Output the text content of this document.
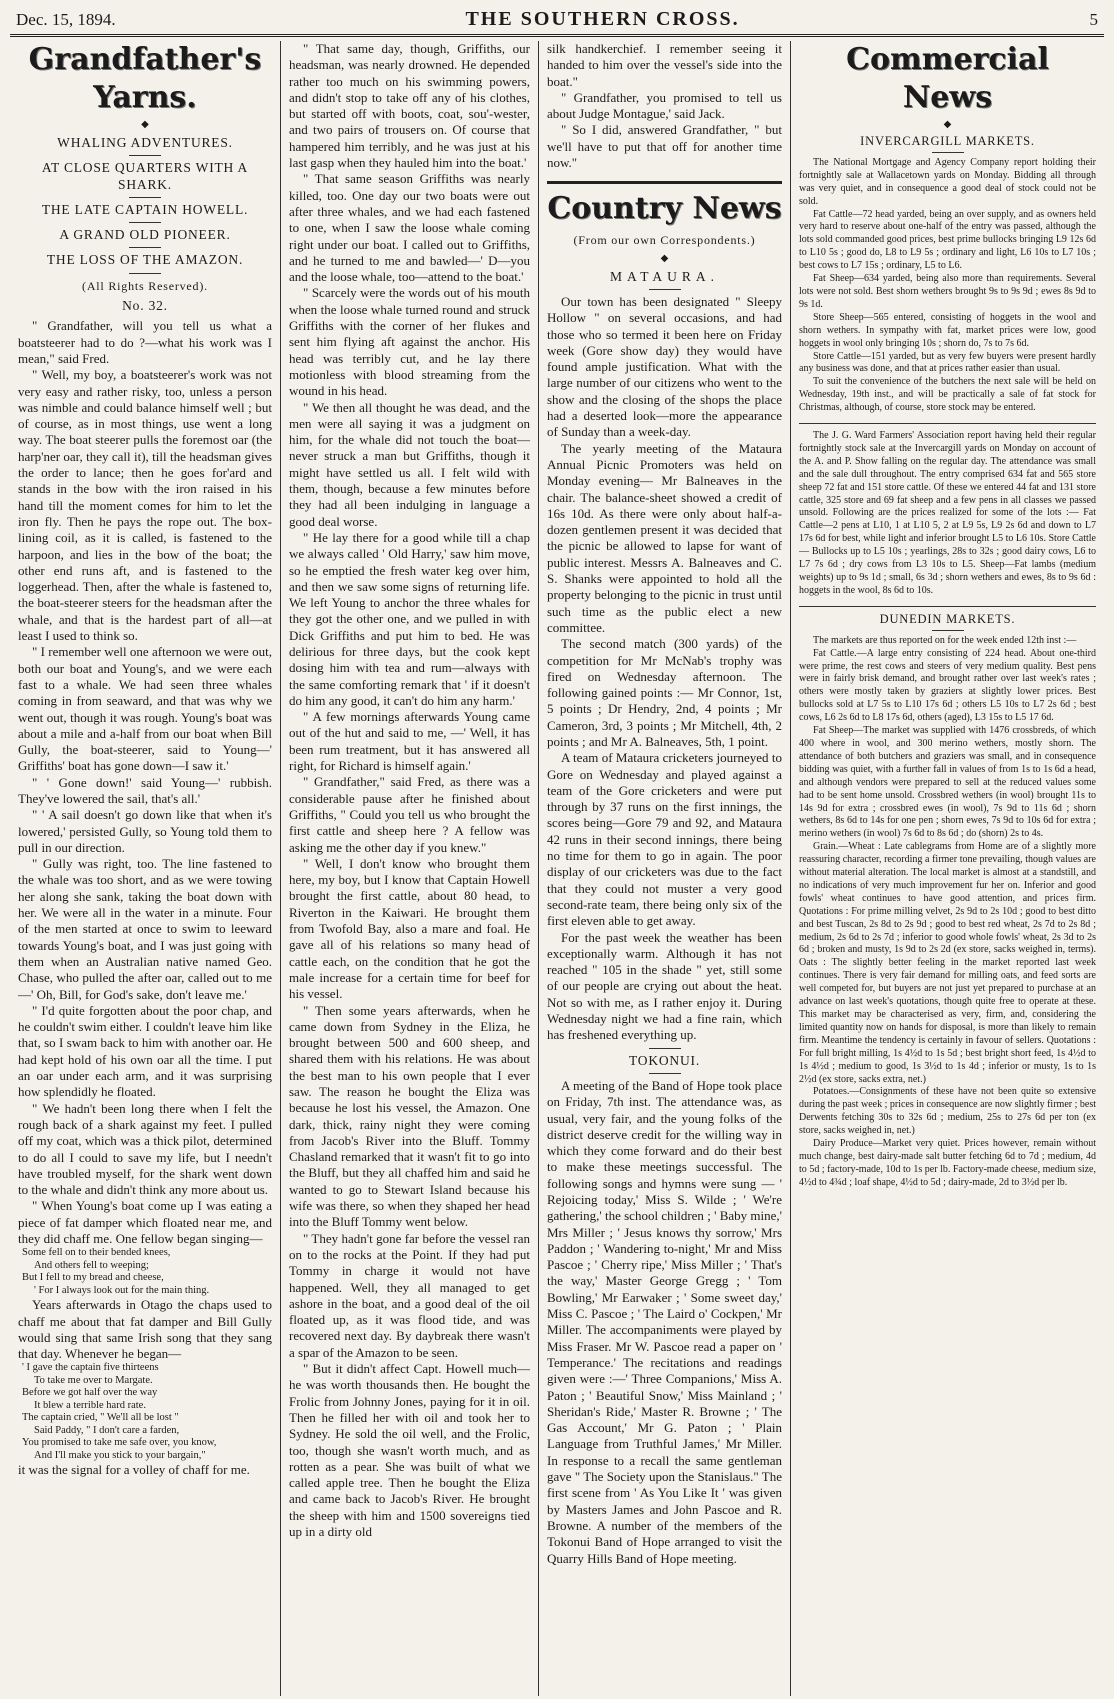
Dec. 15, 1894.	THE SOUTHERN CROSS.	5
Grandfather's Yarns.
◆
WHALING ADVENTURES.
AT CLOSE QUARTERS WITH A SHARK.
THE LATE CAPTAIN HOWELL.
A GRAND OLD PIONEER.
THE LOSS OF THE AMAZON.
(All Rights Reserved).
No. 32.

" Grandfather, will you tell us what a boatsteerer had to do ?—what his work was I mean," said Fred.

" Well, my boy, a boatsteerer's work was not very easy and rather risky, too, unless a person was nimble and could balance himself well ; but of course, as in most things, use went a long way. The boat steerer pulls the foremost oar (the harp'ner oar, they call it), till the headsman gives the order to lance; then he goes for'ard and stands in the bow with the iron raised in his hand till the moment comes for him to let the iron fly. Then he pays the rope out. The box-lining coil, as it is called, is fastened to the harpoon, and lies in the bow of the boat; the other end runs aft, and is fastened to the loggerhead. Then, after the whale is fastened to, the boat-steerer steers for the headsman after the whale, and that is the hardest part of all—at least I used to think so.

" I remember well one afternoon we were out, both our boat and Young's, and we were each fast to a whale. We had seen three whales coming in from seaward, and that was why we went out, though it was rough. Young's boat was about a mile and a-half from our boat when Bill Gully, the boat-steerer, said to Young—' Griffiths' boat has gone down—I saw it.'

" ' Gone down!' said Young—' rubbish. They've lowered the sail, that's all.'

" ' A sail doesn't go down like that when it's lowered,' persisted Gully, so Young told them to pull in our direction.

" Gully was right, too. The line fastened to the whale was too short, and as we were towing her along she sank, taking the boat down with her. We were all in the water in a minute. Four of the men started at once to swim to leeward towards Young's boat, and I was just going with them when an Australian native named Geo. Chase, who pulled the after oar, called out to me—' Oh, Bill, for God's sake, don't leave me.'

" I'd quite forgotten about the poor chap, and he couldn't swim either. I couldn't leave him like that, so I swam back to him with another oar. He had kept hold of his own oar all the time. I put an oar under each arm, and it was surprising how splendidly he floated.

" We hadn't been long there when I felt the rough back of a shark against my feet. I pulled off my coat, which was a thick pilot, determined to do all I could to save my life, but I needn't have troubled myself, for the shark went down to the whale and didn't think any more about us.

" When Young's boat come up I was eating a piece of fat damper which floated near me, and they did chaff me. One fellow began singing—

Some fell on to their bended knees,
And others fell to weeping;
But I fell to my bread and cheese,
' For I always look out for the main thing.

Years afterwards in Otago the chaps used to chaff me about that fat damper and Bill Gully would sing that same Irish song that they sang that day. Whenever he began—

' I gave the captain five thirteens
To take me over to Margate.
Before we got half over the way
It blew a terrible hard rate.
The captain cried, " We'll all be lost "
Said Paddy, " I don't care a farden,
You promised to take me safe over, you know,
And I'll make you stick to your bargain,"

it was the signal for a volley of chaff for me.

" That same day, though, Griffiths, our headsman, was nearly drowned. He depended rather too much on his swimming powers, and didn't stop to take off any of his clothes, but started off with boots, coat, sou'-wester, and two pairs of trousers on. Of course that hampered him terribly, and he was just at his last gasp when they hauled him into the boat.'

" That same season Griffiths was nearly killed, too. One day our two boats were out after three whales, and we had each fastened to one, when I saw the loose whale coming right under our boat. I called out to Griffiths, and he turned to me and bawled—' D—you and the loose whale, too—attend to the boat.'

" Scarcely were the words out of his mouth when the loose whale turned round and struck Griffiths with the corner of her flukes and sent him flying aft against the anchor. His head was terribly cut, and he lay there motionless with blood streaming from the wound in his head.

" We then all thought he was dead, and the men were all saying it was a judgment on him, for the whale did not touch the boat—never struck a man but Griffiths, though it might have settled us all. I felt wild with them, though, because a few minutes before they had all been indulging in language a good deal worse.

" He lay there for a good while till a chap we always called ' Old Harry,' saw him move, so he emptied the fresh water keg over him, and then we saw some signs of returning life. We left Young to anchor the three whales for they got the other one, and we pulled in with Dick Griffiths and put him to bed. He was delirious for three days, but the cook kept dosing him with tea and rum—always with the same comforting remark that ' if it doesn't do him any good, it can't do him any harm.'

" A few mornings afterwards Young came out of the hut and said to me, —' Well, it has been rum treatment, but it has answered all right, for Richard is himself again.'

" Grandfather," said Fred, as there was a considerable pause after he finished about Griffiths, " Could you tell us who brought the first cattle and sheep here ? A fellow was asking me the other day if you knew."

" Well, I don't know who brought them here, my boy, but I know that Captain Howell brought the first cattle, about 80 head, to Riverton in the Kaiwari. He brought them from Twofold Bay, also a mare and foal. He gave all of his relations so many head of cattle each, on the condition that he got the male increase for a certain time for beef for his vessel.

" Then some years afterwards, when he came down from Sydney in the Eliza, he brought between 500 and 600 sheep, and shared them with his relations. He was about the best man to his own people that I ever saw. The reason he bought the Eliza was because he lost his vessel, the Amazon. One dark, thick, rainy night they were coming from Jacob's River into the Bluff. Tommy Chasland remarked that it wasn't fit to go into the Bluff, but they all chaffed him and said he wanted to go to Stewart Island because his wife was there, so when they shaped her head into the Bluff Tommy went below.

" They hadn't gone far before the vessel ran on to the rocks at the Point. If they had put Tommy in charge it would not have happened. Well, they all managed to get ashore in the boat, and a good deal of the oil floated up, as it was flood tide, and was recovered next day. By daybreak there wasn't a spar of the Amazon to be seen.

" But it didn't affect Capt. Howell much—he was worth thousands then. He bought the Frolic from Johnny Jones, paying for it in oil. Then he filled her with oil and took her to Sydney. He sold the oil well, and the Frolic, too, though she wasn't worth much, and as rotten as a pear. She was built of what we called apple tree. Then he bought the Eliza and came back to Jacob's River. He brought the sheep with him and 1500 sovereigns tied up in a dirty old

silk handkerchief. I remember seeing it handed to him over the vessel's side into the boat."

" Grandfather, you promised to tell us about Judge Montague,' said Jack.

" So I did, answered Grandfather, " but we'll have to put that off for another time now."

Country News
(From our own Correspondents.)
◆
MATAURA.

Our town has been designated " Sleepy Hollow " on several occasions, and had those who so termed it been here on Friday week (Gore show day) they would have found ample justification. What with the large number of our citizens who went to the show and the closing of the shops the place had a deserted look—more the appearance of Sunday than a week-day.

The yearly meeting of the Mataura Annual Picnic Promoters was held on Monday evening— Mr Balneaves in the chair. The balance-sheet showed a credit of 16s 10d. As there were only about half-a-dozen gentlemen present it was decided that the picnic be allowed to lapse for want of public interest. Messrs A. Balneaves and C. S. Shanks were appointed to hold all the property belonging to the picnic in trust until such time as the public elect a new committee.

The second match (300 yards) of the competition for Mr McNab's trophy was fired on Wednesday afternoon. The following gained points :— Mr Connor, 1st, 5 points ; Dr Hendry, 2nd, 4 points ; Mr Cameron, 3rd, 3 points ; Mr Mitchell, 4th, 2 points ; and Mr A. Balneaves, 5th, 1 point.

A team of Mataura cricketers journeyed to Gore on Wednesday and played against a team of the Gore cricketers and were put through by 37 runs on the first innings, the scores being—Gore 79 and 92, and Mataura 42 runs in their second innings, there being no time for them to go in again. The poor display of our cricketers was due to the fact that they could not muster a very good second-rate team, there being only six of the first eleven able to get away.

For the past week the weather has been exceptionally warm. Although it has not reached " 105 in the shade " yet, still some of our people are crying out about the heat. Not so with me, as I rather enjoy it. During Wednesday night we had a fine rain, which has freshened everything up.

TOKONUI.

A meeting of the Band of Hope took place on Friday, 7th inst. The attendance was, as usual, very fair, and the young folks of the district deserve credit for the willing way in which they come forward and do their best to make these meetings successful. The following songs and hymns were sung — ' Rejoicing today,' Miss S. Wilde ; ' We're gathering,' the school children ; ' Baby mine,' Mrs Miller ; ' Jesus knows thy sorrow,' Mrs Paddon ; ' Wandering to-night,' Mr and Miss Pascoe ; ' Cherry ripe,' Miss Miller ; ' That's the way,' Master George Gregg ; ' Tom Bowling,' Mr Earwaker ; ' Some sweet day,' Miss C. Pascoe ; ' The Laird o' Cockpen,' Mr Miller. The accompaniments were played by Miss Fraser. Mr W. Pascoe read a paper on ' Temperance.' The recitations and readings given were :—' Three Companions,' Miss A. Paton ; ' Beautiful Snow,' Miss Mainland ; ' Sheridan's Ride,' Master R. Browne ; ' The Gas Account,' Mr G. Paton ; ' Plain Language from Truthful James,' Mr Miller. In response to a recall the same gentleman gave " The Society upon the Stanislaus." The first scene from ' As You Like It ' was given by Masters James and John Pascoe and R. Browne. A number of the members of the Tokonui Band of Hope arranged to visit the Quarry Hills Band of Hope meeting.

Commercial News
◆
INVERCARGILL MARKETS.

The National Mortgage and Agency Company report holding their fortnightly sale at Wallacetown yards on Monday. Bidding all through was very quiet, and in consequence a good deal of stock could not be sold.

Fat Cattle—72 head yarded, being an over supply, and as owners held very hard to reserve about one-half of the entry was passed, although the lots sold commanded good prices, best prime bullocks bringing L9 12s 6d to L10 5s ; good do, L8 to L9 5s ; ordinary and light, L6 10s to L7 10s ; best cows to L7 15s ; ordinary, L5 to L6.

Fat Sheep—634 yarded, being also more than requirements. Several lots were not sold. Best shorn wethers brought 9s to 9s 9d ; ewes 8s 9d to 9s 1d.

Store Sheep—565 entered, consisting of hoggets in the wool and shorn wethers. In sympathy with fat, market prices were low, good hoggets in wool only bringing 10s ; shorn do, 7s to 7s 6d.

Store Cattle—151 yarded, but as very few buyers were present hardly any business was done, and that at prices rather easier than usual.

To suit the convenience of the butchers the next sale will be held on Wednesday, 19th inst., and will be practically a sale of fat stock for Christmas, although, of course, store stock may be entered.

The J. G. Ward Farmers' Association report having held their regular fortnightly stock sale at the Invercargill yards on Monday on account of the A. and P. Show falling on the regular day. The attendance was small and the sale dull throughout. The entry comprised 634 fat and 565 store sheep 72 fat and 151 store cattle. Of these we entered 44 fat and 131 store cattle, 325 store and 69 fat sheep and a few pens in all classes we passed unsold. Following are the prices realized for some of the lots :— Fat Cattle—2 pens at L10, 1 at L10 5, 2 at L9 5s, L9 2s 6d and down to L7 17s 6d for best, while light and inferior brought L5 to L6 10s. Store Cattle— Bullocks up to L5 10s ; yearlings, 28s to 32s ; good dairy cows, L6 to L7 7s 6d ; dry cows from L3 10s to L5. Sheep—Fat lambs (medium weights) up to 9s 1d ; small, 6s 3d ; shorn wethers and ewes, 8s to 9s 6d : hoggets in the wool, 8s 6d to 10s.

DUNEDIN MARKETS.

The markets are thus reported on for the week ended 12th inst :—

Fat Cattle.—A large entry consisting of 224 head. About one-third were prime, the rest cows and steers of very medium quality. Best pens were in fairly brisk demand, and brought rather over last week's rates ; others were mostly taken by graziers at slightly lower prices. Best bullocks sold at L7 5s to L10 17s 6d ; others L5 10s to L7 2s 6d ; best cows, L6 2s 6d to L8 17s 6d, others (aged), L3 15s to L5 17 6d.

Fat Sheep—The market was supplied with 1476 crossbreds, of which 400 where in wool, and 300 merino wethers, mostly shorn. The attendance of both butchers and graziers was small, and in consequence bidding was quiet, with a further fall in values of from 1s to 1s 6d a head, and although vendors were prepared to sell at the reduced values some had to be sent home unsold. Crossbred wethers (in wool) brought 11s to 14s 9d for extra ; crossbred ewes (in wool), 7s 9d to 11s 6d ; shorn wethers, 8s 6d to 14s for one pen ; shorn ewes, 7s 9d to 10s 6d for extra ; merino wethers (in wool) 7s 6d to 8s 6d ; do (shorn) 2s to 4s.

Grain.—Wheat : Late cablegrams from Home are of a slightly more reassuring character, recording a firmer tone prevailing, though values are without material alteration. The local market is almost at a standstill, and no indications of very much improvement fur her on. Inferior and good fowls' wheat continues to have good attention, and prices firm. Quotations : For prime milling velvet, 2s 9d to 2s 10d ; good to best ditto and best Tuscan, 2s 8d to 2s 9d ; good to best red wheat, 2s 7d to 2s 8d ; medium, 2s 6d to 2s 7d ; inferior to good whole fowls' wheat, 2s 3d to 2s 6d ; broken and musty, 1s 9d to 2s 2d (ex store, sacks weighed in, terms). Oats : The slightly better feeling in the market reported last week continues. There is very fair demand for milling oats, and feed sorts are well competed for, but buyers are not just yet prepared to purchase at an advance on last week's quotations, though quite free to operate at these. This market may be characterised as very, firm, and, considering the limited quantity now on hands for disposal, is more than likely to remain firm. Meantime the tendency is certainly in favour of sellers. Quotations : For full bright milling, 1s 4½d to 1s 5d ; best bright short feed, 1s 4½d to 1s 4½d ; medium to good, 1s 3½d to 1s 4d ; inferior or musty, 1s to 1s 2½d (ex store, sacks extra, net.)

Potatoes.—Consignments of these have not been quite so extensive during the past week ; prices in consequence are now slightly firmer ; best Derwents fetching 30s to 32s 6d ; medium, 25s to 27s 6d per ton (ex store, sacks weighed in, net.)

Dairy Produce—Market very quiet. Prices however, remain without much change, best dairy-made salt butter fetching 6d to 7d ; medium, 4d to 5d ; factory-made, 10d to 1s per lb. Factory-made cheese, medium size, 4½d to 4¾d ; loaf shape, 4½d to 5d ; dairy-made, 2d to 3½d per lb.
